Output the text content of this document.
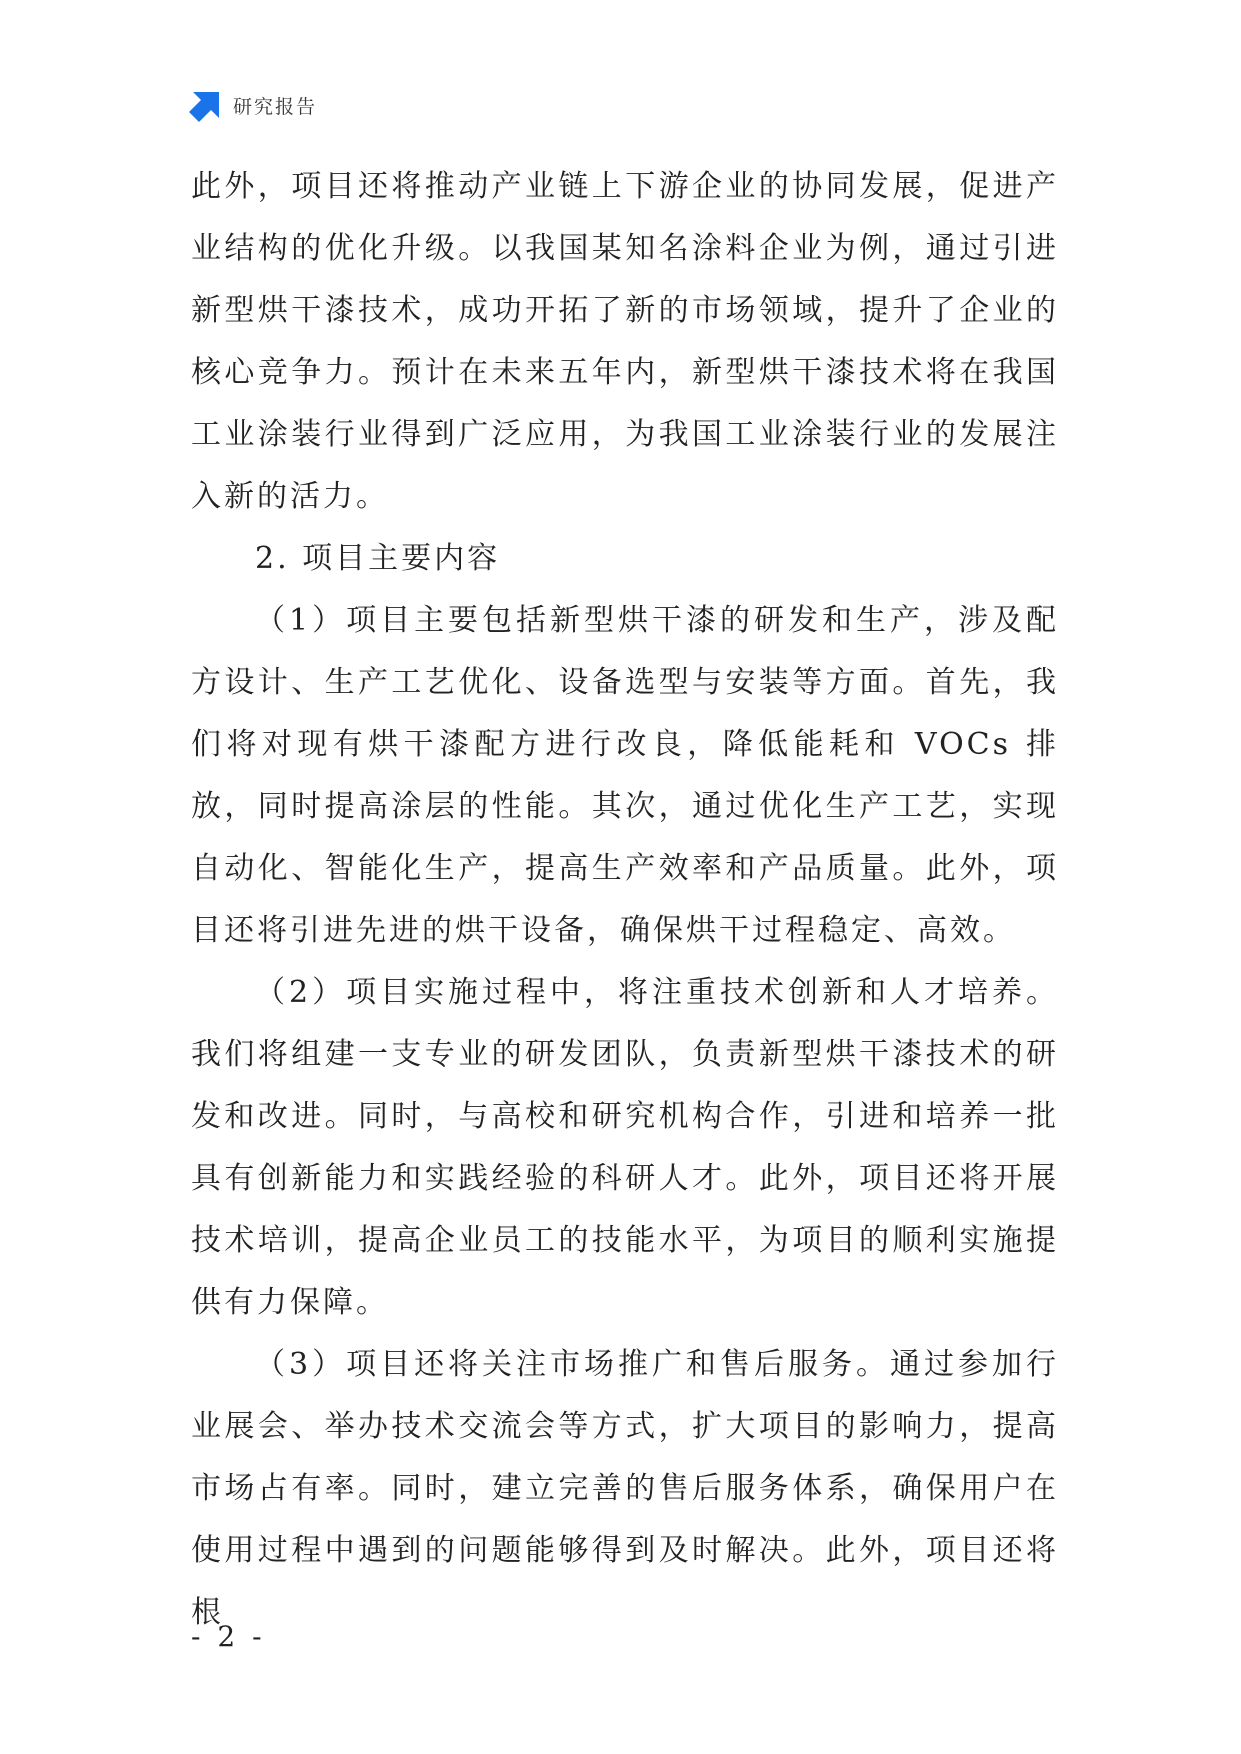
研究报告

此外，项目还将推动产业链上下游企业的协同发展，促进产业结构的优化升级。以我国某知名涂料企业为例，通过引进新型烘干漆技术，成功开拓了新的市场领域，提升了企业的核心竞争力。预计在未来五年内，新型烘干漆技术将在我国工业涂装行业得到广泛应用，为我国工业涂装行业的发展注入新的活力。

2. 项目主要内容

（1）项目主要包括新型烘干漆的研发和生产，涉及配方设计、生产工艺优化、设备选型与安装等方面。首先，我们将对现有烘干漆配方进行改良，降低能耗和 VOCs 排放，同时提高涂层的性能。其次，通过优化生产工艺，实现自动化、智能化生产，提高生产效率和产品质量。此外，项目还将引进先进的烘干设备，确保烘干过程稳定、高效。

（2）项目实施过程中，将注重技术创新和人才培养。我们将组建一支专业的研发团队，负责新型烘干漆技术的研发和改进。同时，与高校和研究机构合作，引进和培养一批具有创新能力和实践经验的科研人才。此外，项目还将开展技术培训，提高企业员工的技能水平，为项目的顺利实施提供有力保障。

（3）项目还将关注市场推广和售后服务。通过参加行业展会、举办技术交流会等方式，扩大项目的影响力，提高市场占有率。同时，建立完善的售后服务体系，确保用户在使用过程中遇到的问题能够得到及时解决。此外，项目还将根

- 2 -
